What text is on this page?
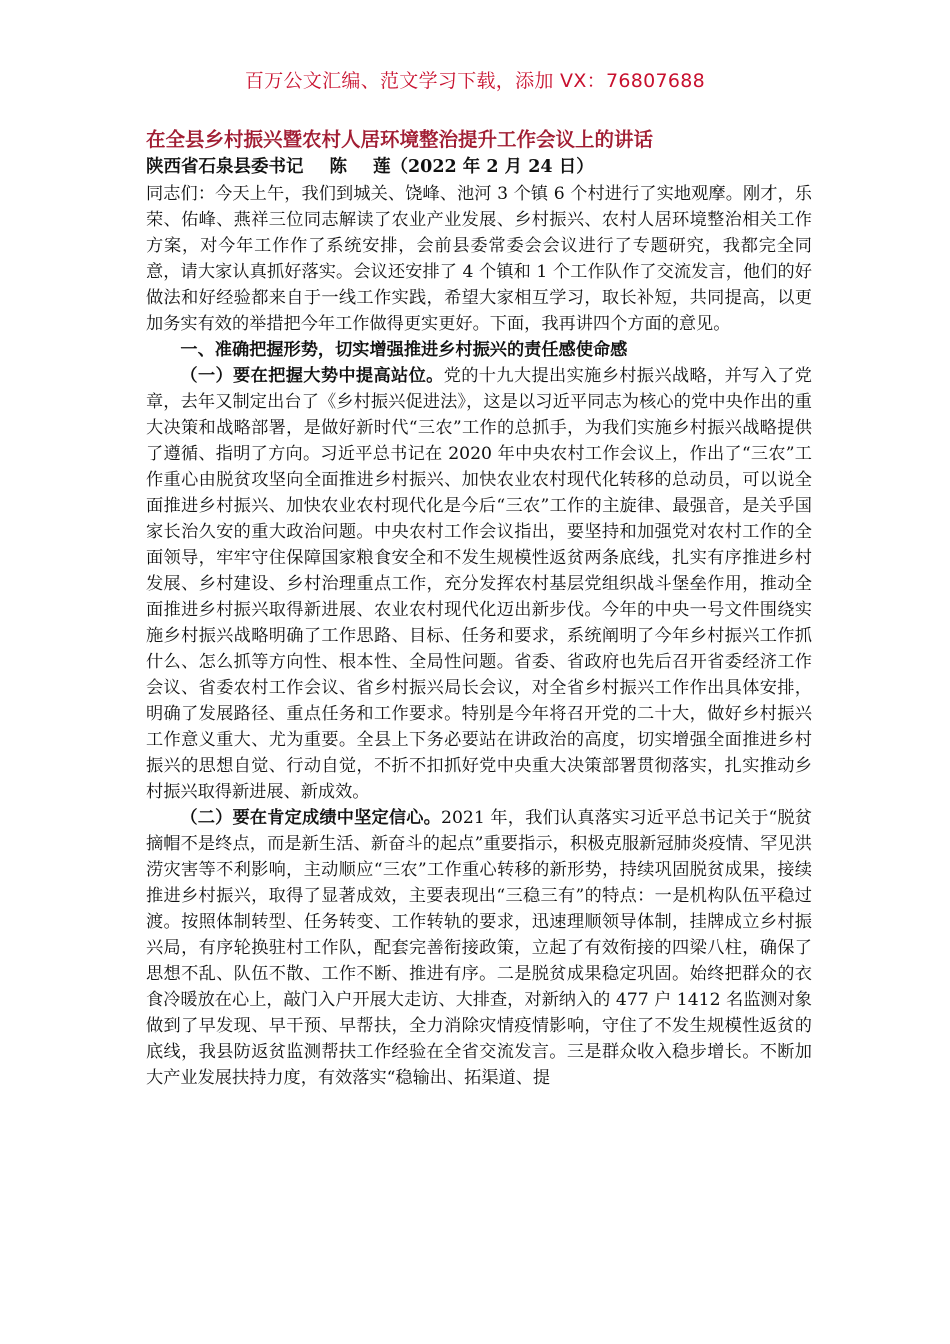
百万公文汇编、范文学习下载，添加 VX：76807688
在全县乡村振兴暨农村人居环境整治提升工作会议上的讲话
陕西省石泉县委书记 陈 莲（2022 年 2 月 24 日）

同志们：今天上午，我们到城关、饶峰、池河 3 个镇 6 个村进行了实地观摩。刚才，乐荣、佑峰、燕祥三位同志解读了农业产业发展、乡村振兴、农村人居环境整治相关工作方案，对今年工作作了系统安排，会前县委常委会会议进行了专题研究，我都完全同意，请大家认真抓好落实。会议还安排了 4 个镇和 1 个工作队作了交流发言，他们的好做法和好经验都来自于一线工作实践，希望大家相互学习，取长补短，共同提高，以更加务实有效的举措把今年工作做得更实更好。下面，我再讲四个方面的意见。

一、准确把握形势，切实增强推进乡村振兴的责任感使命感

（一）要在把握大势中提高站位。党的十九大提出实施乡村振兴战略，并写入了党章，去年又制定出台了《乡村振兴促进法》，这是以习近平同志为核心的党中央作出的重大决策和战略部署，是做好新时代“三农”工作的总抓手，为我们实施乡村振兴战略提供了遵循、指明了方向。习近平总书记在 2020 年中央农村工作会议上，作出了“三农”工作重心由脱贫攻坚向全面推进乡村振兴、加快农业农村现代化转移的总动员，可以说全面推进乡村振兴、加快农业农村现代化是今后“三农”工作的主旋律、最强音，是关乎国家长治久安的重大政治问题。中央农村工作会议指出，要坚持和加强党对农村工作的全面领导，牢牢守住保障国家粮食安全和不发生规模性返贫两条底线，扎实有序推进乡村发展、乡村建设、乡村治理重点工作，充分发挥农村基层党组织战斗堡垒作用，推动全面推进乡村振兴取得新进展、农业农村现代化迈出新步伐。今年的中央一号文件围绕实施乡村振兴战略明确了工作思路、目标、任务和要求，系统阐明了今年乡村振兴工作抓什么、怎么抓等方向性、根本性、全局性问题。省委、省政府也先后召开省委经济工作会议、省委农村工作会议、省乡村振兴局长会议，对全省乡村振兴工作作出具体安排，明确了发展路径、重点任务和工作要求。特别是今年将召开党的二十大，做好乡村振兴工作意义重大、尤为重要。全县上下务必要站在讲政治的高度，切实增强全面推进乡村振兴的思想自觉、行动自觉，不折不扣抓好党中央重大决策部署贯彻落实，扎实推动乡村振兴取得新进展、新成效。

（二）要在肯定成绩中坚定信心。2021 年，我们认真落实习近平总书记关于“脱贫摘帽不是终点，而是新生活、新奋斗的起点”重要指示，积极克服新冠肺炎疫情、罕见洪涝灾害等不利影响，主动顺应“三农”工作重心转移的新形势，持续巩固脱贫成果，接续推进乡村振兴，取得了显著成效，主要表现出“三稳三有”的特点：一是机构队伍平稳过渡。按照体制转型、任务转变、工作转轨的要求，迅速理顺领导体制，挂牌成立乡村振兴局，有序轮换驻村工作队，配套完善衔接政策，立起了有效衔接的四梁八柱，确保了思想不乱、队伍不散、工作不断、推进有序。二是脱贫成果稳定巩固。始终把群众的衣食冷暖放在心上，敲门入户开展大走访、大排查，对新纳入的 477 户 1412 名监测对象做到了早发现、早干预、早帮扶，全力消除灾情疫情影响，守住了不发生规模性返贫的底线，我县防返贫监测帮扶工作经验在全省交流发言。三是群众收入稳步增长。不断加大产业发展扶持力度，有效落实“稳输出、拓渠道、提
